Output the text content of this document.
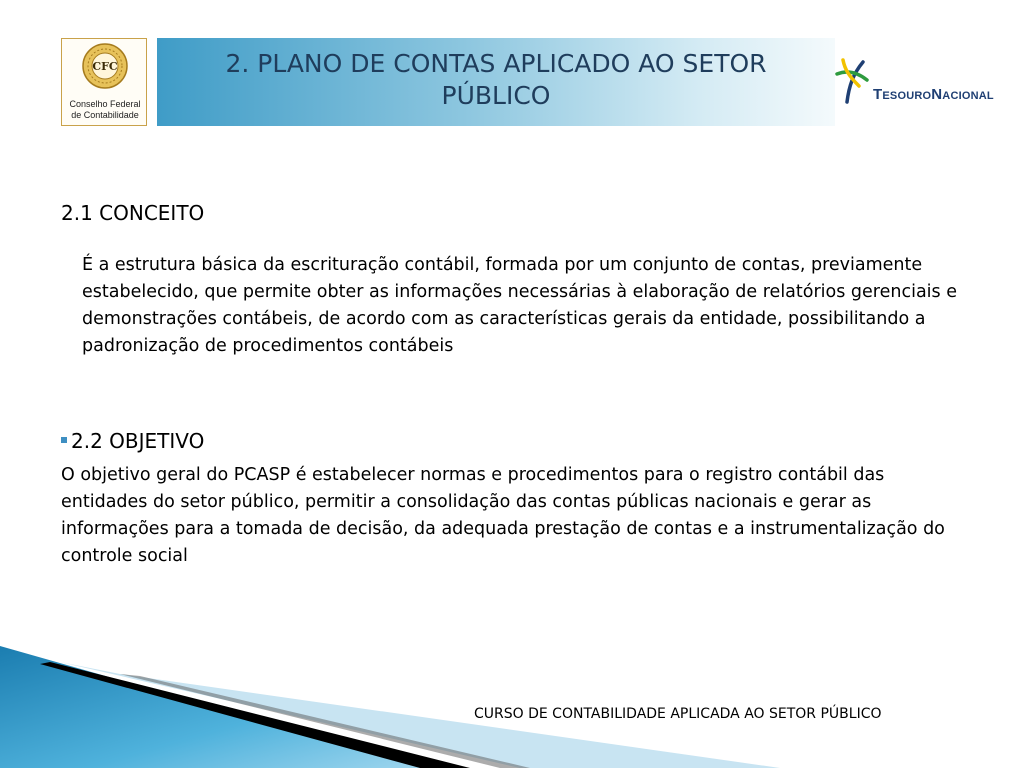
CFC
Conselho Federal
de Contabilidade
2. PLANO DE CONTAS APLICADO AO SETOR
PÚBLICO	TESOURONACIONAL
2.1 CONCEITO
É a estrutura básica da escrituração contábil, formada por um conjunto de contas, previamente estabelecido, que permite obter as informações necessárias à elaboração de relatórios gerenciais e demonstrações contábeis, de acordo com as características gerais da entidade, possibilitando a padronização de procedimentos contábeis
2.2 OBJETIVO
O objetivo geral do PCASP é estabelecer normas e procedimentos para o registro contábil das entidades do setor público, permitir a consolidação das contas públicas nacionais e gerar as informações para a tomada de decisão, da adequada prestação de contas e a instrumentalização do controle social
CURSO DE CONTABILIDADE APLICADA AO SETOR PÚBLICO
